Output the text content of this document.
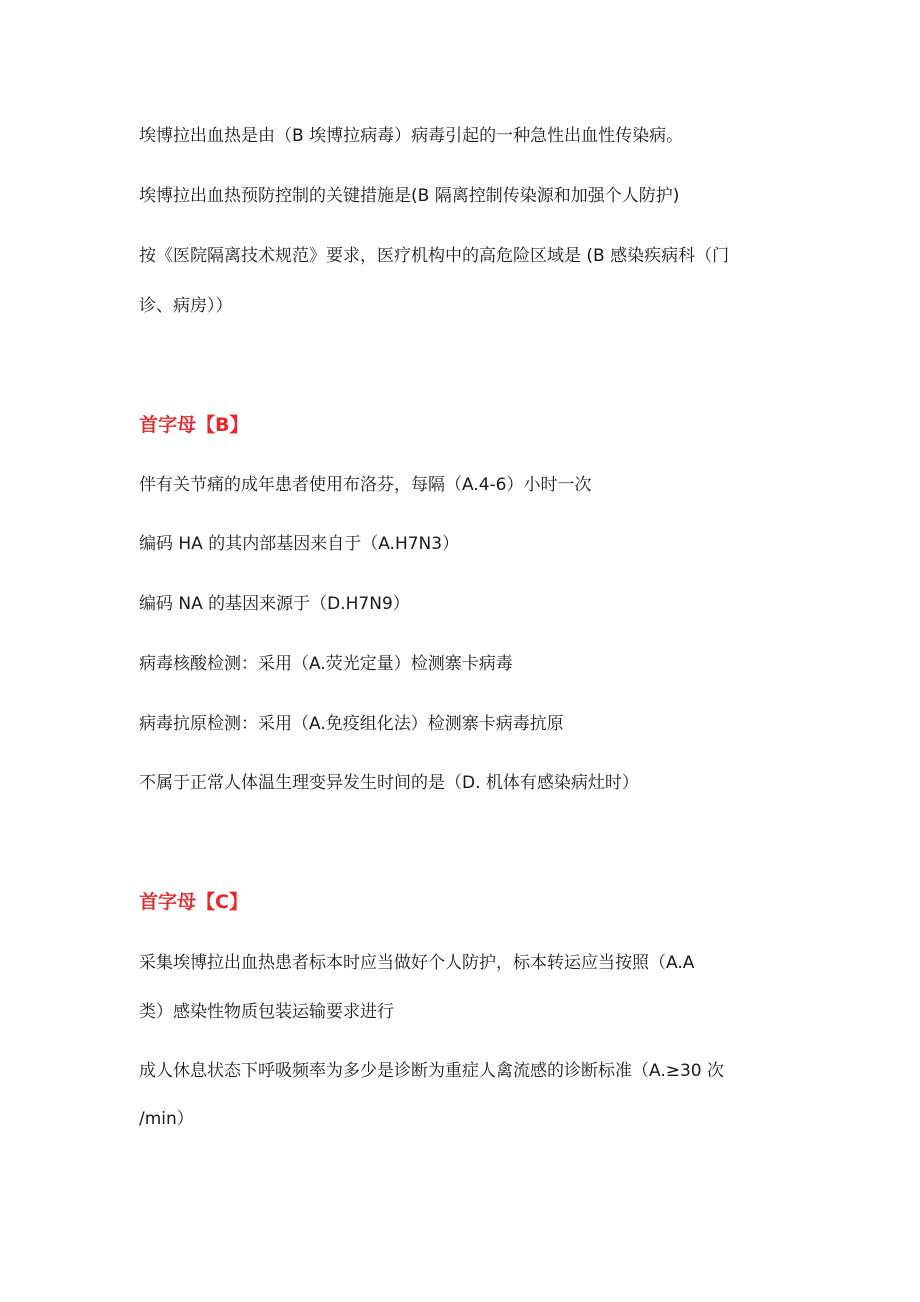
埃博拉出血热是由（B 埃博拉病毒）病毒引起的一种急性出血性传染病。
埃博拉出血热预防控制的关键措施是(B 隔离控制传染源和加强个人防护)
按《医院隔离技术规范》要求，医疗机构中的高危险区域是 (B 感染疾病科（门
诊、病房））
首字母【B】
伴有关节痛的成年患者使用布洛芬，每隔（A.4-6）小时一次
编码 HA 的其内部基因来自于（A.H7N3）
编码 NA 的基因来源于（D.H7N9）
病毒核酸检测：采用（A.荧光定量）检测寨卡病毒
病毒抗原检测：采用（A.免疫组化法）检测寨卡病毒抗原
不属于正常人体温生理变异发生时间的是（D. 机体有感染病灶时）
首字母【C】
采集埃博拉出血热患者标本时应当做好个人防护，标本转运应当按照（A.A
类）感染性物质包装运输要求进行
成人休息状态下呼吸频率为多少是诊断为重症人禽流感的诊断标准（A.≥30 次
/min）
